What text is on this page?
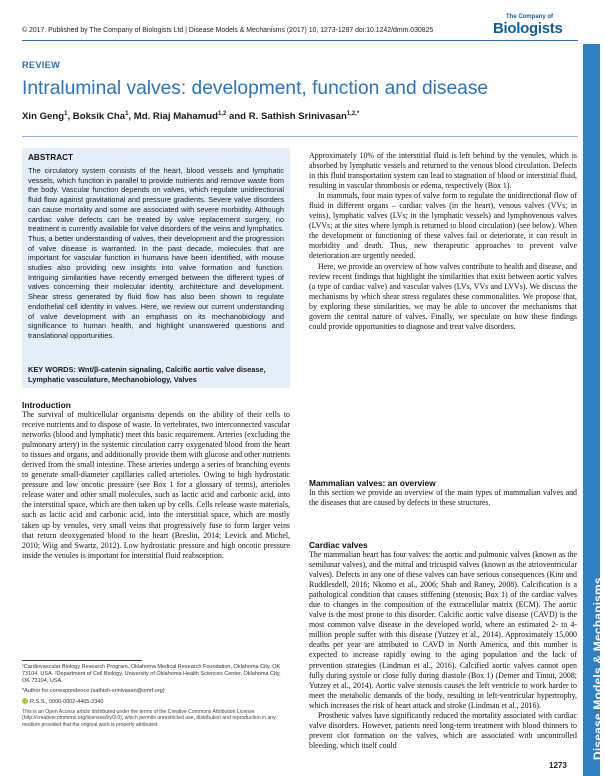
© 2017. Published by The Company of Biologists Ltd | Disease Models & Mechanisms (2017) 10, 1273-1287 doi:10.1242/dmm.030825
The Company of
Biologists
REVIEW
Intraluminal valves: development, function and disease
Xin Geng$^1$, Boksik Cha$^1$, Md. Riaj Mahamud$^{1,2}$ and R. Sathish Srinivasan$^{1,2,*}$
ABSTRACT
The circulatory system consists of the heart, blood vessels and lymphatic vessels, which function in parallel to provide nutrients and remove waste from the body. Vascular function depends on valves, which regulate unidirectional fluid flow against gravitational and pressure gradients. Severe valve disorders can cause mortality and some are associated with severe morbidity. Although cardiac valve defects can be treated by valve replacement surgery, no treatment is currently available for valve disorders of the veins and lymphatics. Thus, a better understanding of valves, their development and the progression of valve disease is warranted. In the past decade, molecules that are important for vascular function in humans have been identified, with mouse studies also providing new insights into valve formation and function. Intriguing similarities have recently emerged between the different types of valves concerning their molecular identity, architecture and development. Shear stress generated by fluid flow has also been shown to regulate endothelial cell identity in valves. Here, we review our current understanding of valve development with an emphasis on its mechanobiology and significance to human health, and highlight unanswered questions and translational opportunities.
KEY WORDS: Wnt/β-catenin signaling, Calcific aortic valve disease, Lymphatic vasculature, Mechanobiology, Valves
Introduction

The survival of multicellular organisms depends on the ability of their cells to receive nutrients and to dispose of waste. In vertebrates, two interconnected vascular networks (blood and lymphatic) meet this basic requirement. Arteries (excluding the pulmonary artery) in the systemic circulation carry oxygenated blood from the heart to tissues and organs, and additionally provide them with glucose and other nutrients derived from the small intestine. These arteries undergo a series of branching events to generate small-diameter capillaries called arterioles. Owing to high hydrostatic pressure and low oncotic pressure (see Box 1 for a glossary of terms), arterioles release water and other small molecules, such as lactic acid and carbonic acid, into the interstitial space, which are then taken up by cells. Cells release waste materials, such as lactic acid and carbonic acid, into the interstitial space, which are mostly taken up by venules, very small veins that progressively fuse to form larger veins that return deoxygenated blood to the heart (Breslin, 2014; Levick and Michel, 2010; Wiig and Swartz, 2012). Low hydrostatic pressure and high oncotic pressure inside the venules is important for interstitial fluid reabsorption.

¹Cardiovascular Biology Research Program, Oklahoma Medical Research Foundation, Oklahoma City, OK 73104, USA. ²Department of Cell Biology, University of Oklahoma Health Sciences Center, Oklahoma City, OK 73104, USA.

*Author for correspondence (sathish-srinivasan@omrf.org)

R.S.S., 0000-0002-4465-3340

This is an Open Access article distributed under the terms of the Creative Commons Attribution License (http://creativecommons.org/licenses/by/3.0), which permits unrestricted use, distribution and reproduction in any medium provided that the original work is properly attributed.

Approximately 10% of the interstitial fluid is left behind by the venules, which is absorbed by lymphatic vessels and returned to the venous blood circulation. Defects in this fluid transportation system can lead to stagnation of blood or interstitial fluid, resulting in vascular thrombosis or edema, respectively (Box 1).

In mammals, four main types of valve form to regulate the unidirectional flow of fluid in different organs – cardiac valves (in the heart), venous valves (VVs; in veins), lymphatic valves (LVs; in the lymphatic vessels) and lymphovenous valves (LVVs; at the sites where lymph is returned to blood circulation) (see below). When the development or functioning of these valves fail or deteriorate, it can result in morbidity and death. Thus, new therapeutic approaches to prevent valve deterioration are urgently needed.

Here, we provide an overview of how valves contribute to health and disease, and review recent findings that highlight the similarities that exist between aortic valves (a type of cardiac valve) and vascular valves (LVs, VVs and LVVs). We discuss the mechanisms by which shear stress regulates these commonalities. We propose that, by exploring these similarities, we may be able to uncover the mechanisms that govern the central nature of valves. Finally, we speculate on how these findings could provide opportunities to diagnose and treat valve disorders.

Mammalian valves: an overview

In this section we provide an overview of the main types of mammalian valves and the diseases that are caused by defects in these structures.

Cardiac valves

The mammalian heart has four valves: the aortic and pulmonic valves (known as the semilunar valves), and the mitral and tricuspid valves (known as the atrioventricular valves). Defects in any one of these valves can have serious consequences (Kim and Ruddlesdell, 2016; Nkomo et al., 2006; Shah and Raney, 2008). Calcification is a pathological condition that causes stiffening (stenosis; Box 1) of the cardiac valves due to changes in the composition of the extracellular matrix (ECM). The aortic valve is the most prone to this disorder. Calcific aortic valve disease (CAVD) is the most common valve disease in the developed world, where an estimated 2- to 4-million people suffer with this disease (Yutzey et al., 2014). Approximately 15,000 deaths per year are attributed to CAVD in North America, and this number is expected to increase rapidly owing to the aging population and the lack of prevention strategies (Lindman et al., 2016). Calcified aortic valves cannot open fully during systole or close fully during diastole (Box 1) (Demer and Tintut, 2008; Yutzey et al., 2014). Aortic valve stenosis causes the left ventricle to work harder to meet the metabolic demands of the body, resulting in left-ventricular hypertrophy, which increases the risk of heart attack and stroke (Lindman et al., 2016).

Prosthetic valves have significantly reduced the mortality associated with cardiac valve disorders. However, patients need long-term treatment with blood thinners to prevent clot formation on the valves, which are associated with uncontrolled bleeding, which itself could	Disease Models & Mechanisms
1273
